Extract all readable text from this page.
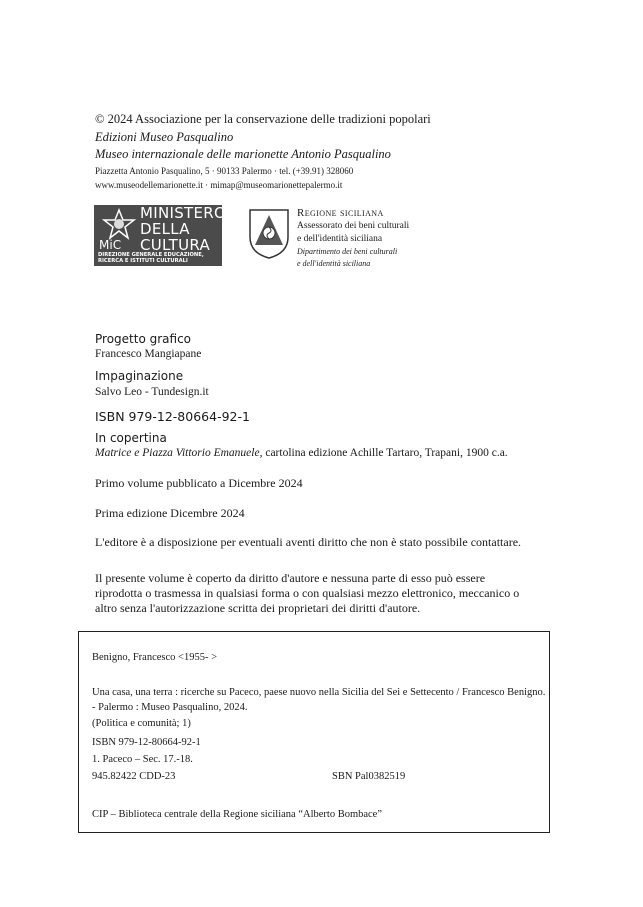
© 2024 Associazione per la conservazione delle tradizioni popolari
Edizioni Museo Pasqualino
Museo internazionale delle marionette Antonio Pasqualino
Piazzetta Antonio Pasqualino, 5 · 90133 Palermo · tel. (+39.91) 328060
www.museodellemarionette.it · mimap@museomarionettepalermo.it
MiC
MINISTERO
DELLA
CULTURA
DIREZIONE GENERALE EDUCAZIONE, RICERCA E ISTITUTI CULTURALI
Regione siciliana
Assessorato dei beni culturali
e dell'identità siciliana
Dipartimento dei beni culturali
e dell'identità siciliana
Progetto grafico
Francesco Mangiapane
Impaginazione
Salvo Leo - Tundesign.it
ISBN 979-12-80664-92-1
In copertina
Matrice e Piazza Vittorio Emanuele, cartolina edizione Achille Tartaro, Trapani, 1900 c.a.
Primo volume pubblicato a Dicembre 2024
Prima edizione Dicembre 2024
L'editore è a disposizione per eventuali aventi diritto che non è stato possibile contattare.
Il presente volume è coperto da diritto d'autore e nessuna parte di esso può essere riprodotta o trasmessa in qualsiasi forma o con qualsiasi mezzo elettronico, meccanico o altro senza l'autorizzazione scritta dei proprietari dei diritti d'autore.
Benigno, Francesco <1955- >
Una casa, una terra : ricerche su Paceco, paese nuovo nella Sicilia del Sei e Settecento / Francesco Benigno. - Palermo : Museo Pasqualino, 2024.
(Politica e comunità; 1)
ISBN 979-12-80664-92-1
1. Paceco – Sec. 17.-18.
945.82422 CDD-23	SBN Pal0382519
CIP – Biblioteca centrale della Regione siciliana “Alberto Bombace”
